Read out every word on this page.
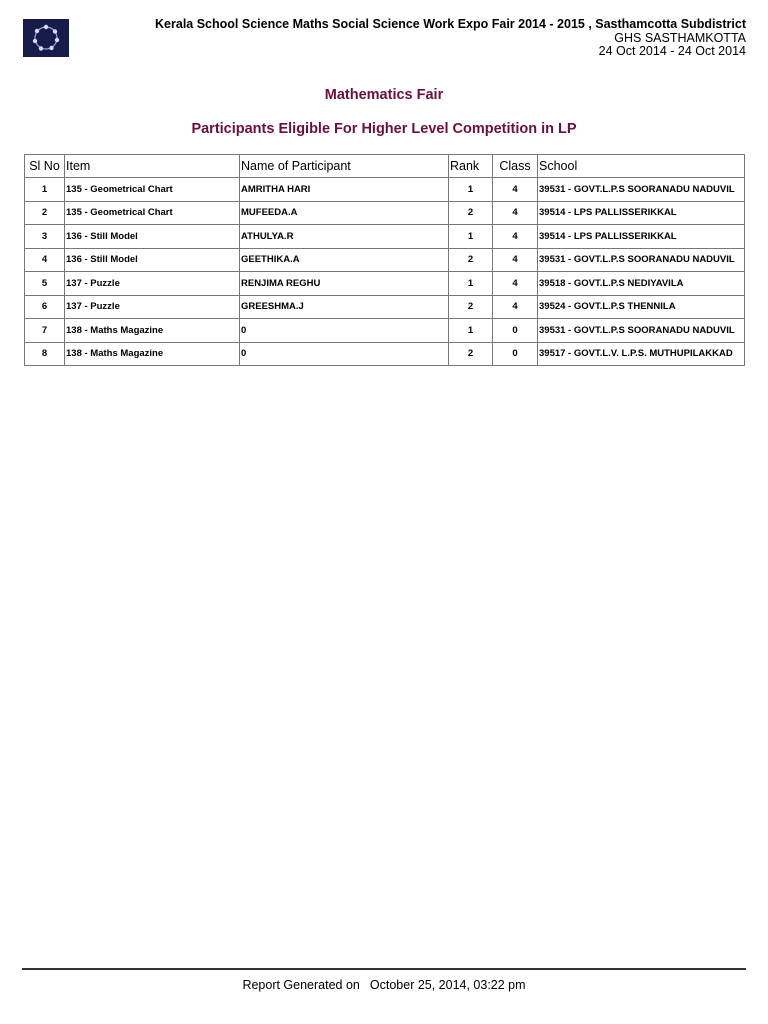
Kerala School Science Maths Social Science Work Expo Fair 2014 - 2015 , Sasthamcotta Subdistrict
GHS SASTHAMKOTTA
24 Oct 2014 - 24 Oct 2014
Mathematics Fair
Participants Eligible For Higher Level Competition in LP
Sl No	Item	Name of Participant	Rank	Class	School
1	135 - Geometrical Chart	AMRITHA HARI	1	4	39531 - GOVT.L.P.S SOORANADU NADUVIL
2	135 - Geometrical Chart	MUFEEDA.A	2	4	39514 - LPS PALLISSERIKKAL
3	136 - Still Model	ATHULYA.R	1	4	39514 - LPS PALLISSERIKKAL
4	136 - Still Model	GEETHIKA.A	2	4	39531 - GOVT.L.P.S SOORANADU NADUVIL
5	137 - Puzzle	RENJIMA REGHU	1	4	39518 - GOVT.L.P.S NEDIYAVILA
6	137 - Puzzle	GREESHMA.J	2	4	39524 - GOVT.L.P.S THENNILA
7	138 - Maths Magazine	0	1	0	39531 - GOVT.L.P.S SOORANADU NADUVIL
8	138 - Maths Magazine	0	2	0	39517 - GOVT.L.V. L.P.S. MUTHUPILAKKAD
Report Generated on October 25, 2014, 03:22 pm
